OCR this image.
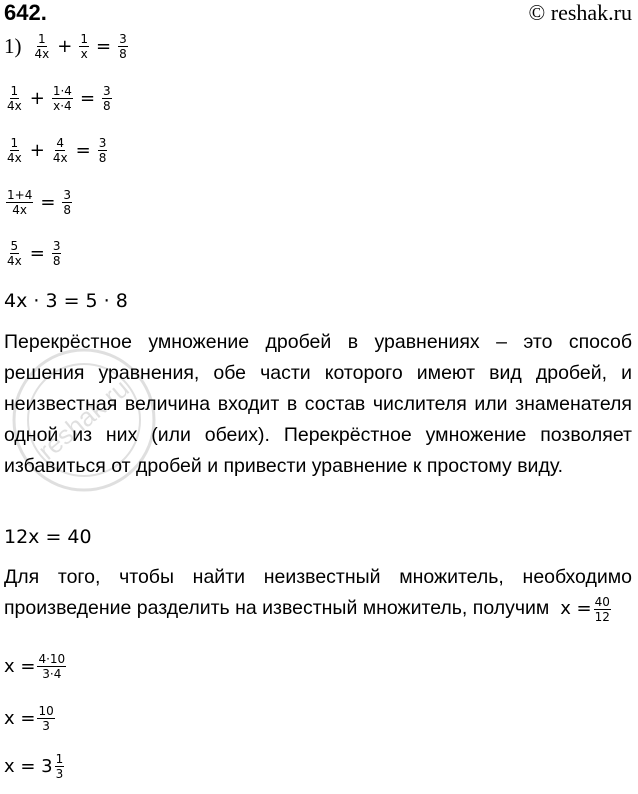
642.	© reshak.ru
reshak.ru
$1) \frac{1}{4x} + \frac{1}{x} = \frac{3}{8}$
$\frac{1}{4x} + \frac{1\cdot 4}{x\cdot 4} = \frac{3}{8}$
$\frac{1}{4x} + \frac{4}{4x} = \frac{3}{8}$
$\frac{1+4}{4x} = \frac{3}{8}$
$\frac{5}{4x} = \frac{3}{8}$
4x · 3 = 5 · 8

Перекрёстное умножение дробей в уравнениях – это способ решения уравнения, обе части которого имеют вид дробей, и неизвестная величина входит в состав числителя или знаменателя одной из них (или обеих). Перекрёстное умножение позволяет избавиться от дробей и привести уравнение к простому виду.

12x = 40

Для того, чтобы найти неизвестный множитель, необходимо произведение разделить на известный множитель, получим $x = \frac{40}{12}$

$x = \frac{4\cdot 10}{3\cdot 4}$
$x = \frac{10}{3}$
$x = 3 \frac{1}{3}$
